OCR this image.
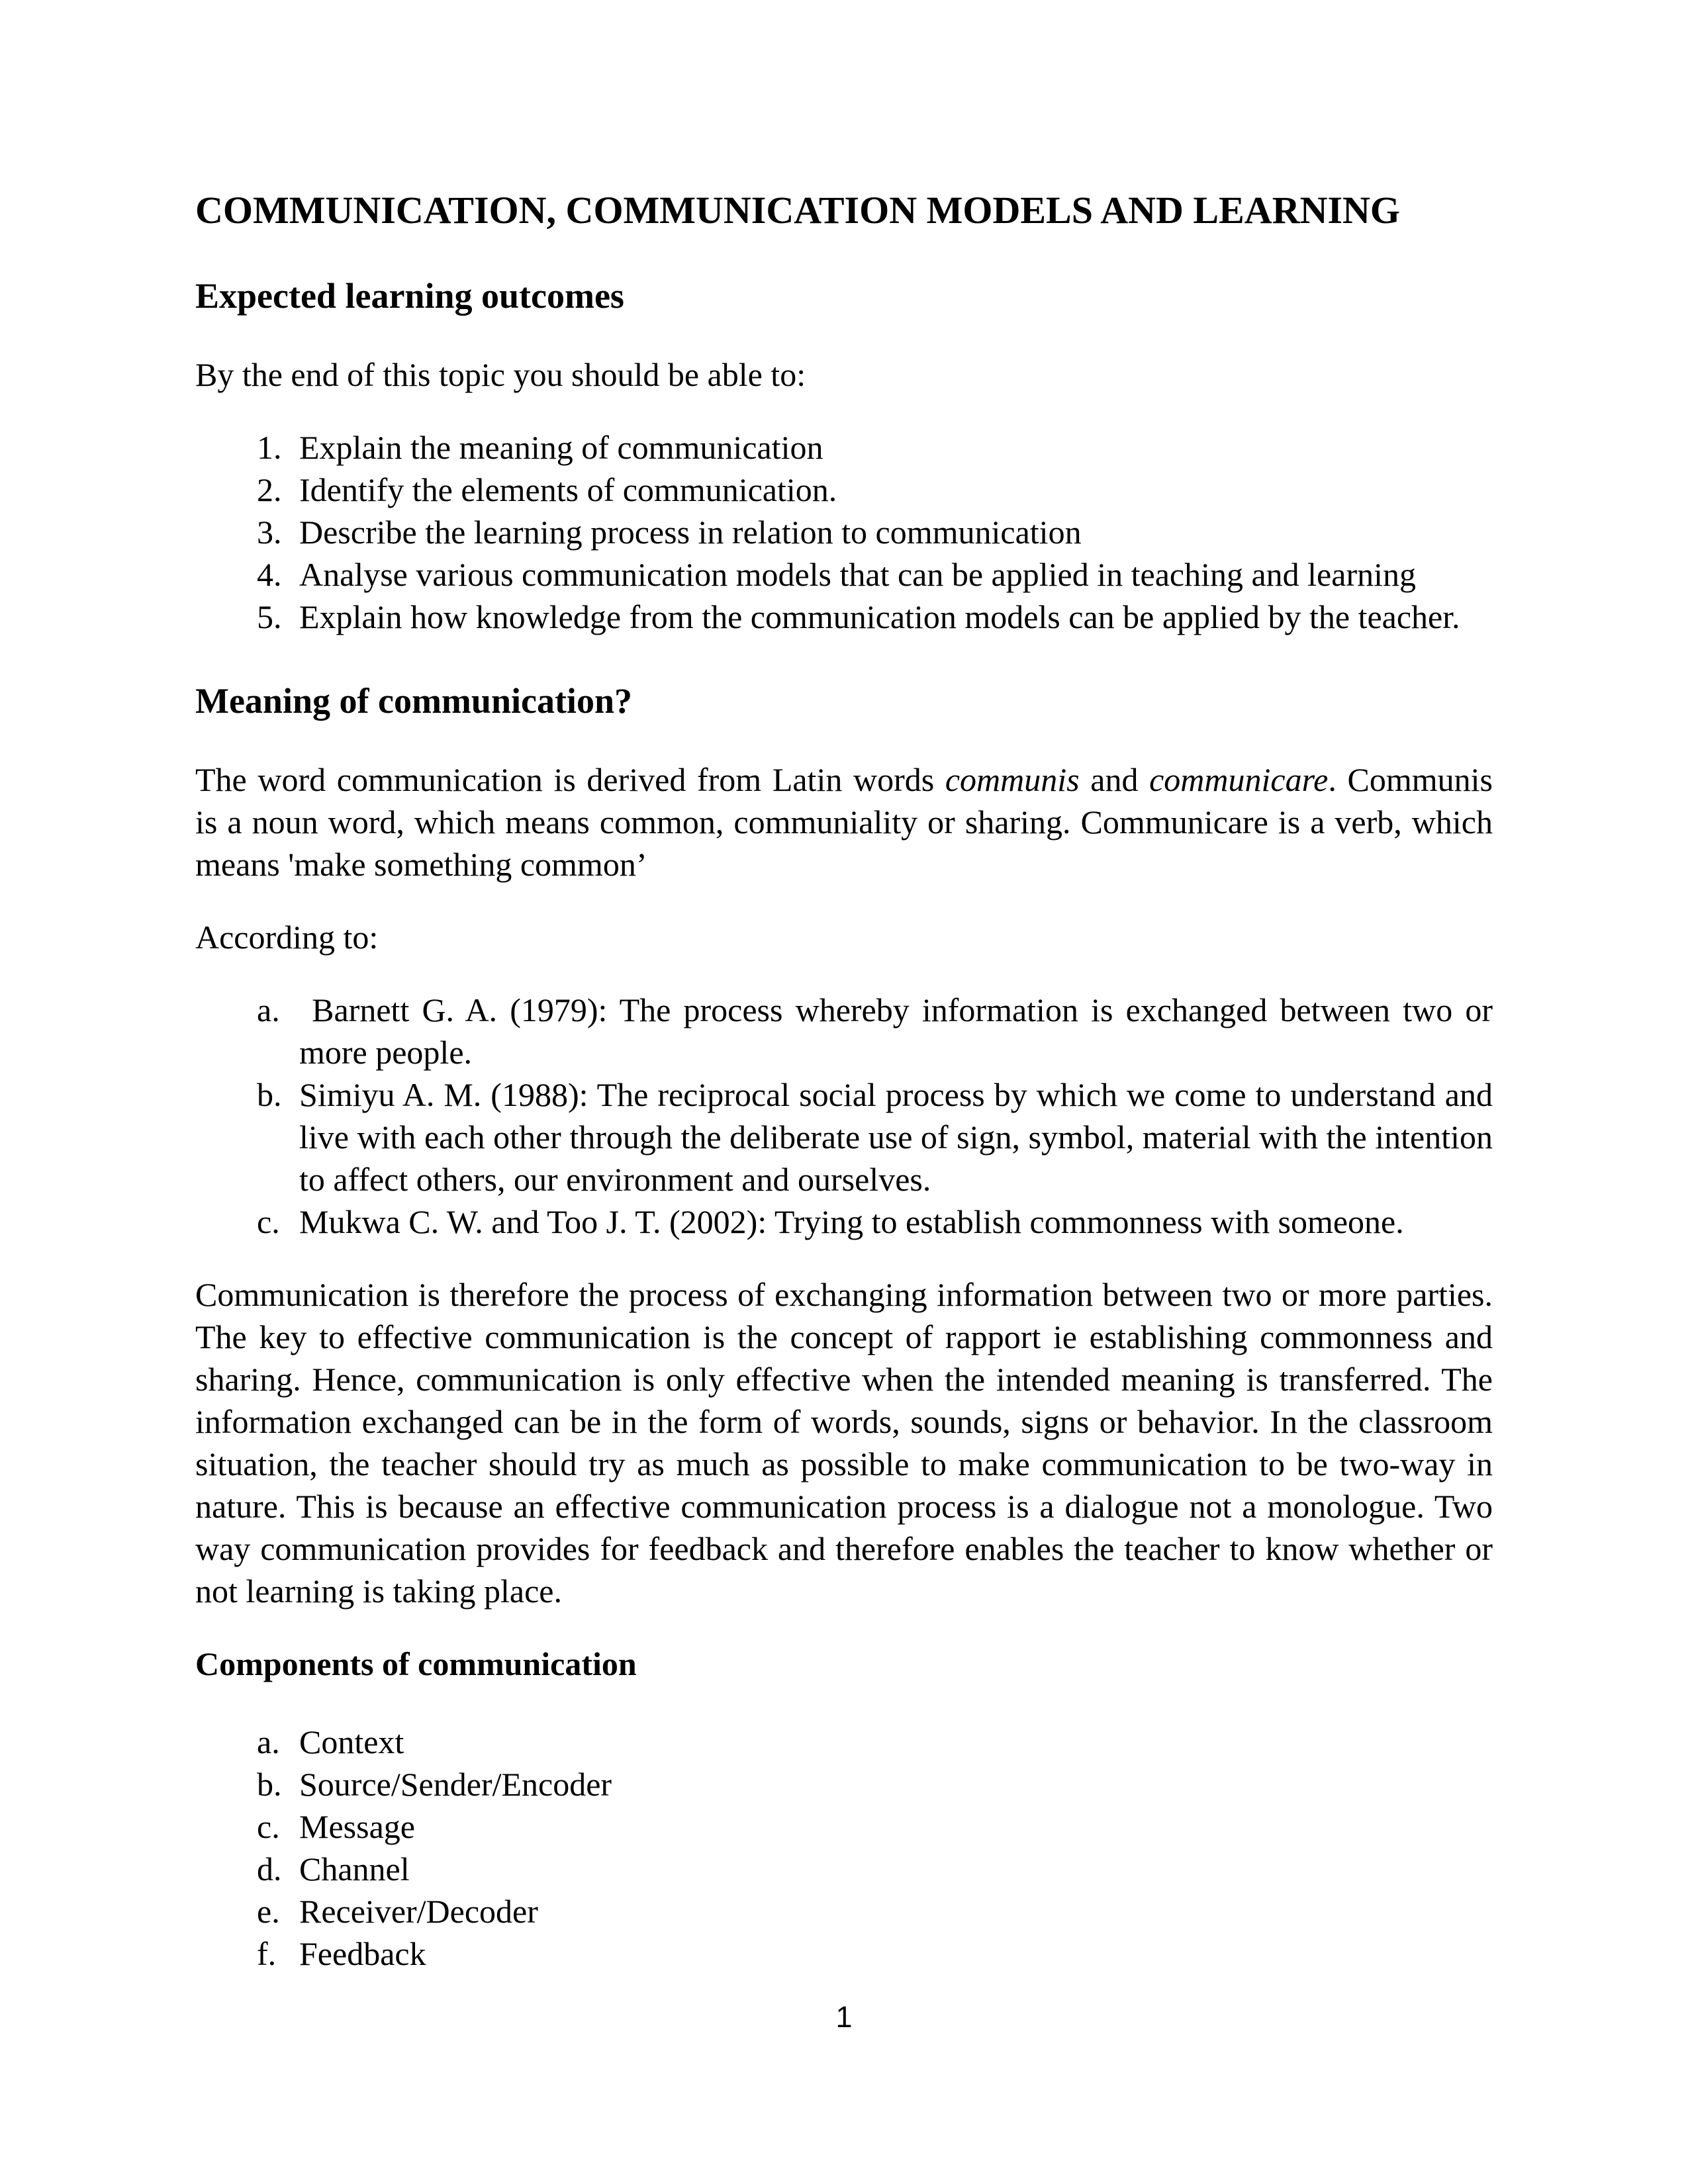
COMMUNICATION, COMMUNICATION MODELS AND LEARNING
Expected learning outcomes

By the end of this topic you should be able to:

1. Explain the meaning of communication
2. Identify the elements of communication.
3. Describe the learning process in relation to communication
4. Analyse various communication models that can be applied in teaching and learning
5. Explain how knowledge from the communication models can be applied by the teacher.
Meaning of communication?

The word communication is derived from Latin words communis and communicare. Communis is a noun word, which means common, communiality or sharing. Communicare is a verb, which means 'make something common’

According to:

a. Barnett G. A. (1979): The process whereby information is exchanged between two or more people.
b. Simiyu A. M. (1988): The reciprocal social process by which we come to understand and live with each other through the deliberate use of sign, symbol, material with the intention to affect others, our environment and ourselves.
c. Mukwa C. W. and Too J. T. (2002): Trying to establish commonness with someone.

Communication is therefore the process of exchanging information between two or more parties. The key to effective communication is the concept of rapport ie establishing commonness and sharing. Hence, communication is only effective when the intended meaning is transferred. The information exchanged can be in the form of words, sounds, signs or behavior. In the classroom situation, the teacher should try as much as possible to make communication to be two-way in nature. This is because an effective communication process is a dialogue not a monologue. Two way communication provides for feedback and therefore enables the teacher to know whether or not learning is taking place.

Components of communication
a. Context
b. Source/Sender/Encoder
c. Message
d. Channel
e. Receiver/Decoder
f. Feedback
1
